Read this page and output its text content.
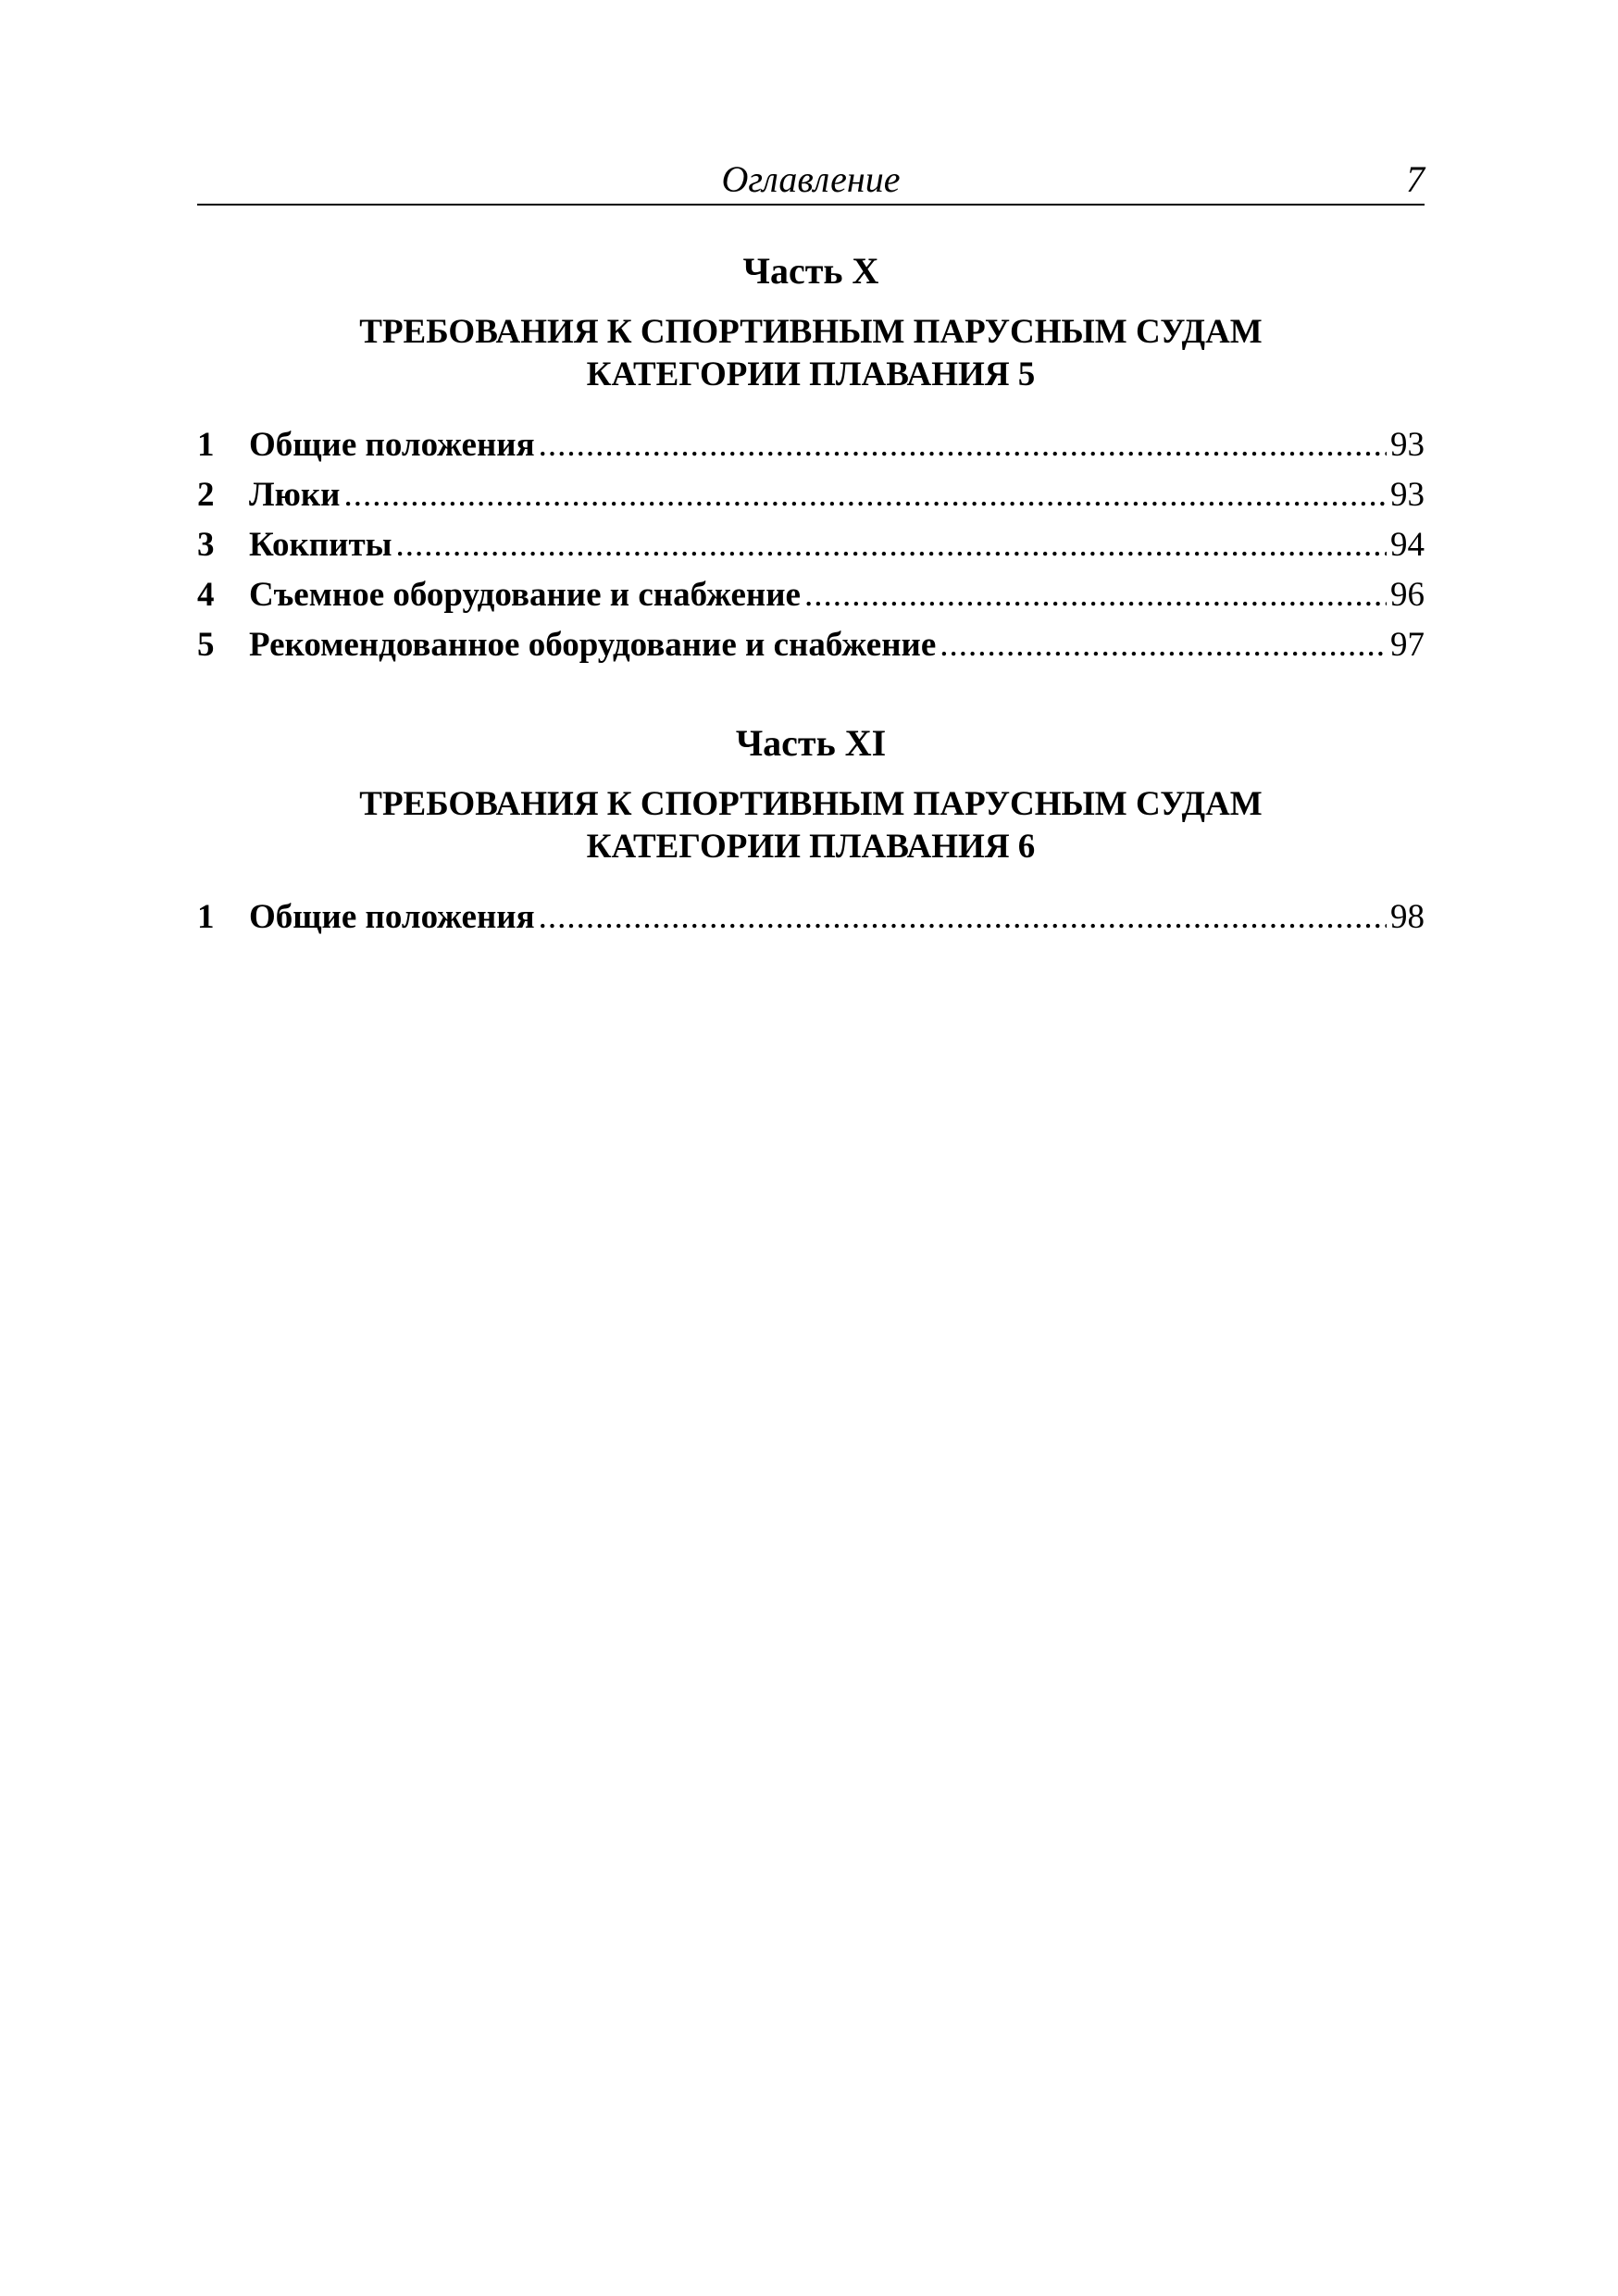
Оглавление	7
Часть X
ТРЕБОВАНИЯ К СПОРТИВНЫМ ПАРУСНЫМ СУДАМ
КАТЕГОРИИ ПЛАВАНИЯ 5
1	Общие положения .....	93
2	Люки .....	93
3	Кокпиты .....	94
4	Съемное оборудование и снабжение .....	96
5	Рекомендованное оборудование и снабжение .....	97
Часть XI
ТРЕБОВАНИЯ К СПОРТИВНЫМ ПАРУСНЫМ СУДАМ
КАТЕГОРИИ ПЛАВАНИЯ 6
1	Общие положения .....	98
